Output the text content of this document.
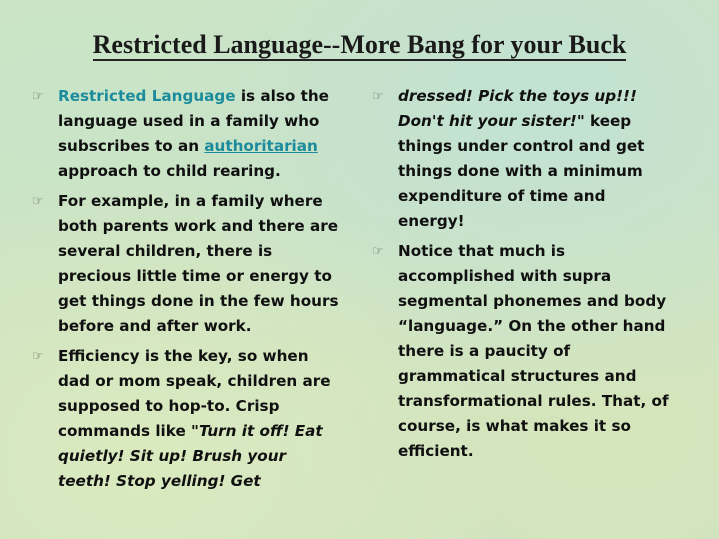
Restricted Language--More Bang for your Buck
☞ Restricted Language is also the language used in a family who subscribes to an authoritarian approach to child rearing.
☞ For example, in a family where both parents work and there are several children, there is precious little time or energy to get things done in the few hours before and after work.
☞ Efficiency is the key, so when dad or mom speak, children are supposed to hop-to. Crisp commands like "Turn it off! Eat quietly! Sit up! Brush your teeth! Stop yelling! Get
☞ dressed! Pick the toys up!!! Don't hit your sister!" keep things under control and get things done with a minimum expenditure of time and energy!
☞ Notice that much is accomplished with supra segmental phonemes and body “language.” On the other hand there is a paucity of grammatical structures and transformational rules. That, of course, is what makes it so efficient.
